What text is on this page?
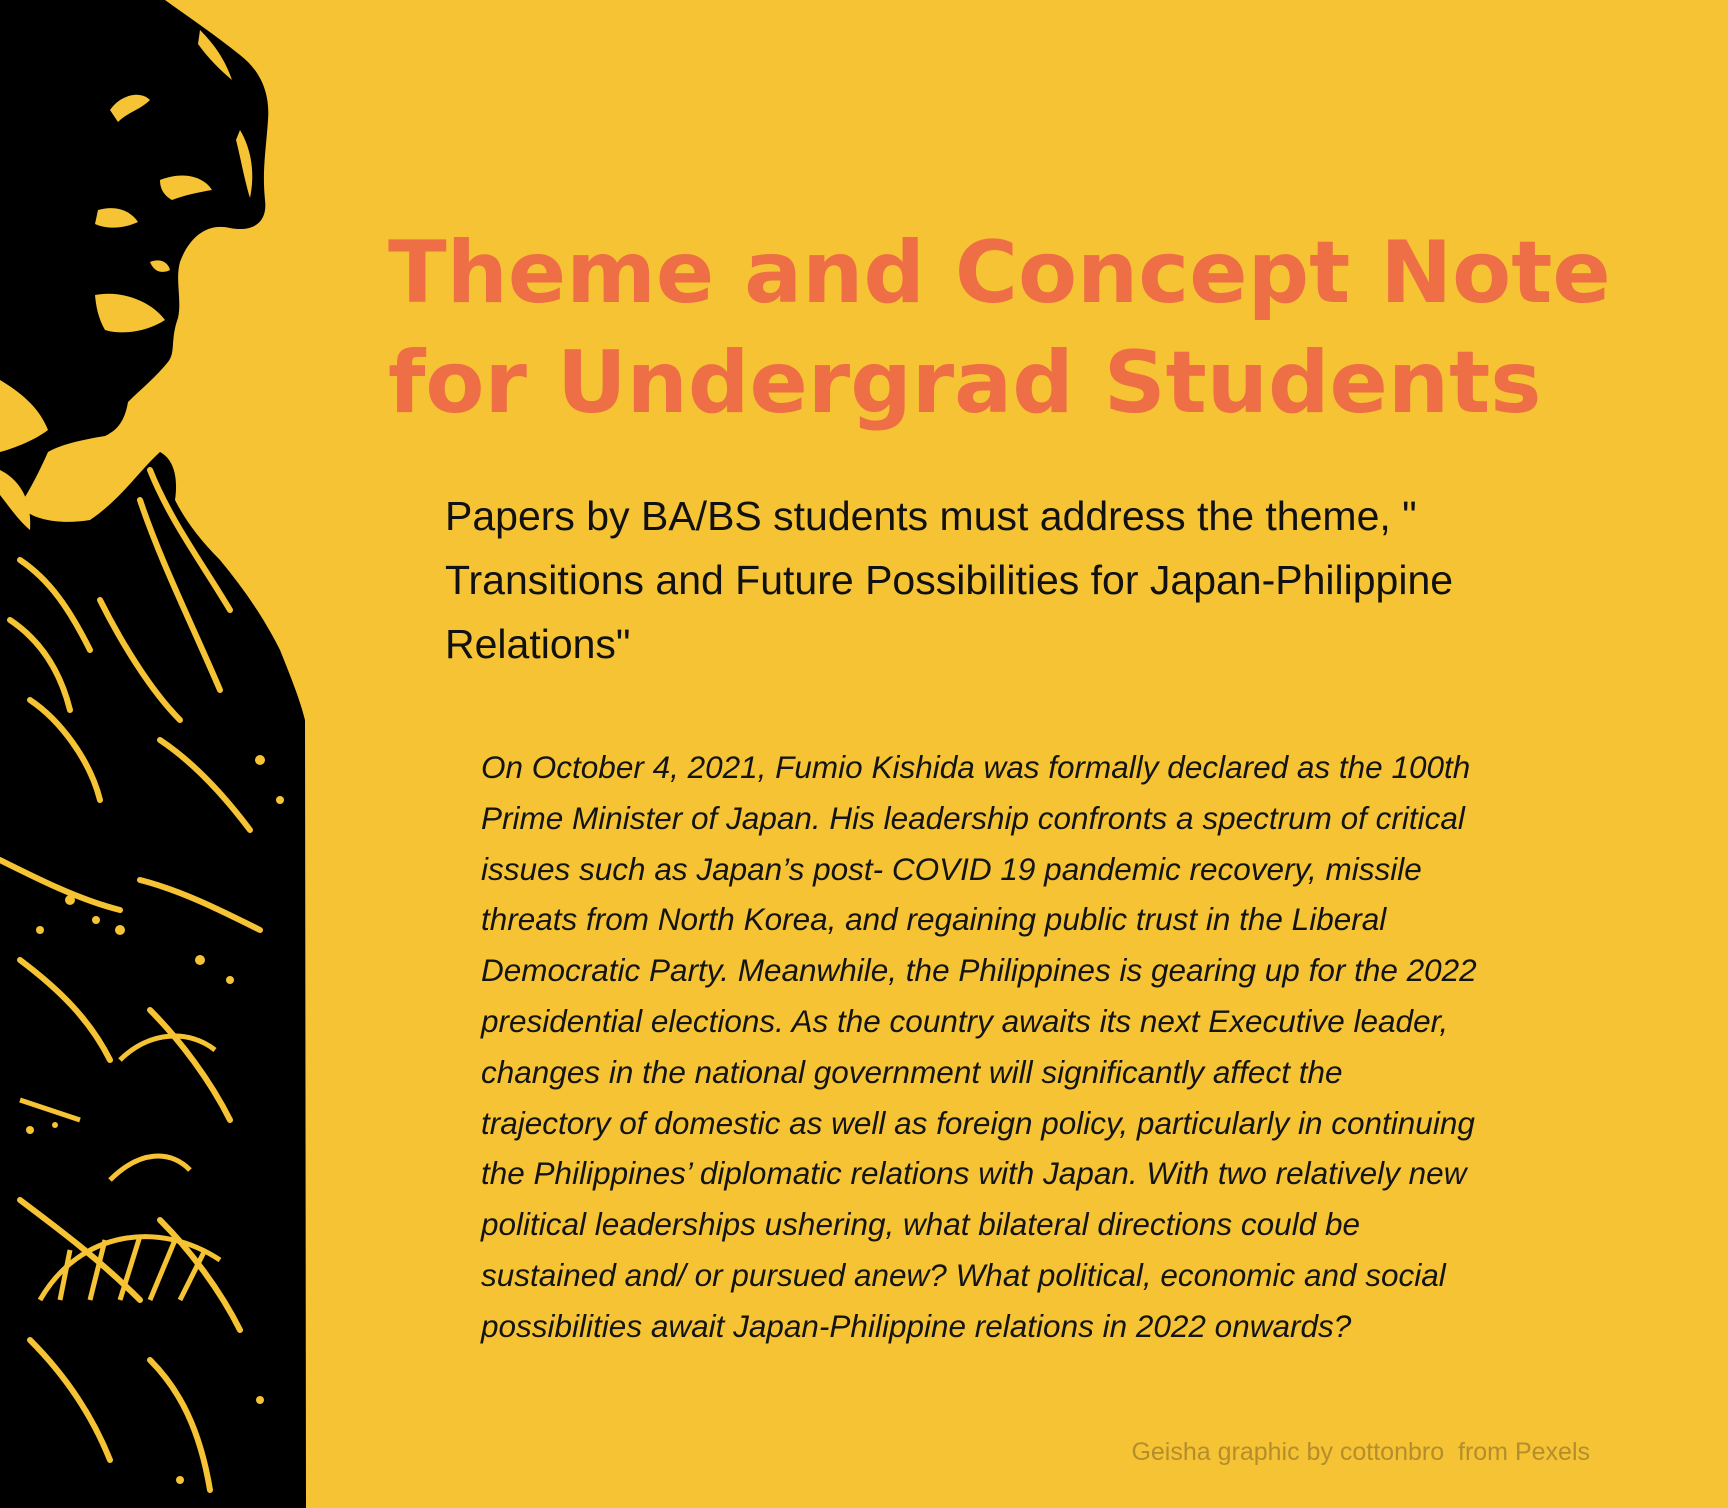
Theme and Concept Note
for Undergrad Students

Papers by BA/BS students must address the theme, " Transitions and Future Possibilities for Japan-Philippine Relations"

On October 4, 2021, Fumio Kishida was formally declared as the 100th
Prime Minister of Japan. His leadership confronts a spectrum of critical
issues such as Japan’s post- COVID 19 pandemic recovery, missile
threats from North Korea, and regaining public trust in the Liberal
Democratic Party. Meanwhile, the Philippines is gearing up for the 2022
presidential elections. As the country awaits its next Executive leader,
changes in the national government will significantly affect the
trajectory of domestic as well as foreign policy, particularly in continuing
the Philippines’ diplomatic relations with Japan. With two relatively new
political leaderships ushering, what bilateral directions could be
sustained and/ or pursued anew? What political, economic and social
possibilities await Japan-Philippine relations in 2022 onwards?
Geisha graphic by cottonbro  from Pexels
